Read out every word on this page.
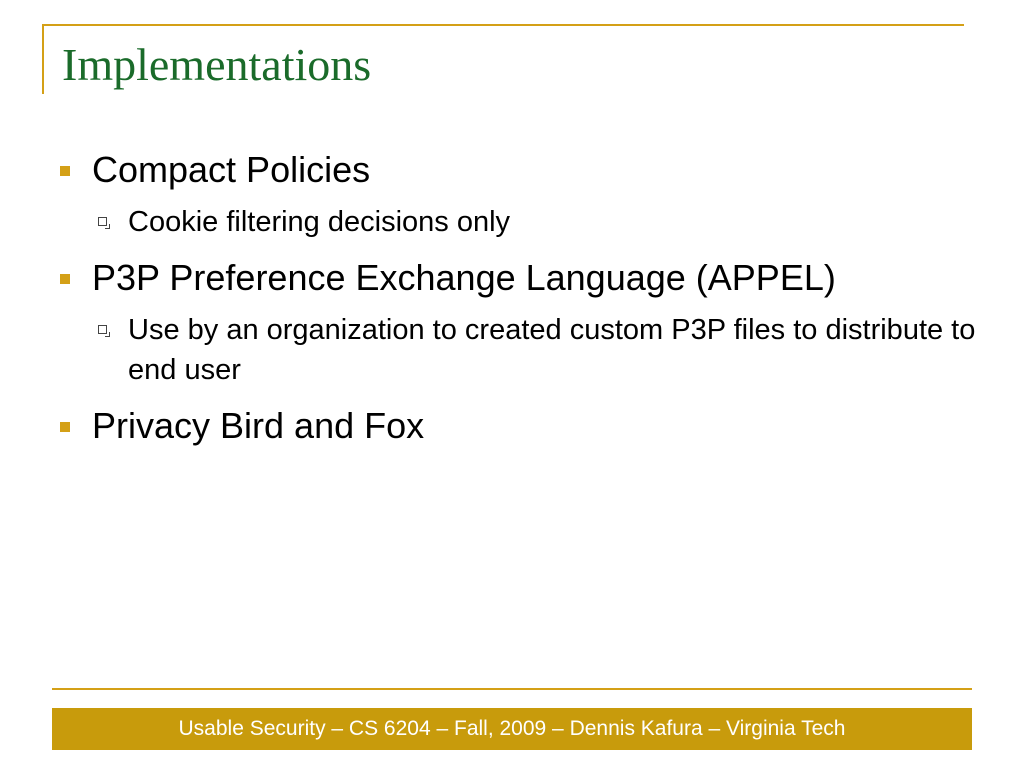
Implementations
Compact Policies
Cookie filtering decisions only
P3P Preference Exchange Language (APPEL)
Use by an organization to created custom P3P files to distribute to end user
Privacy Bird and Fox
Usable Security – CS 6204 – Fall, 2009 – Dennis Kafura – Virginia Tech
